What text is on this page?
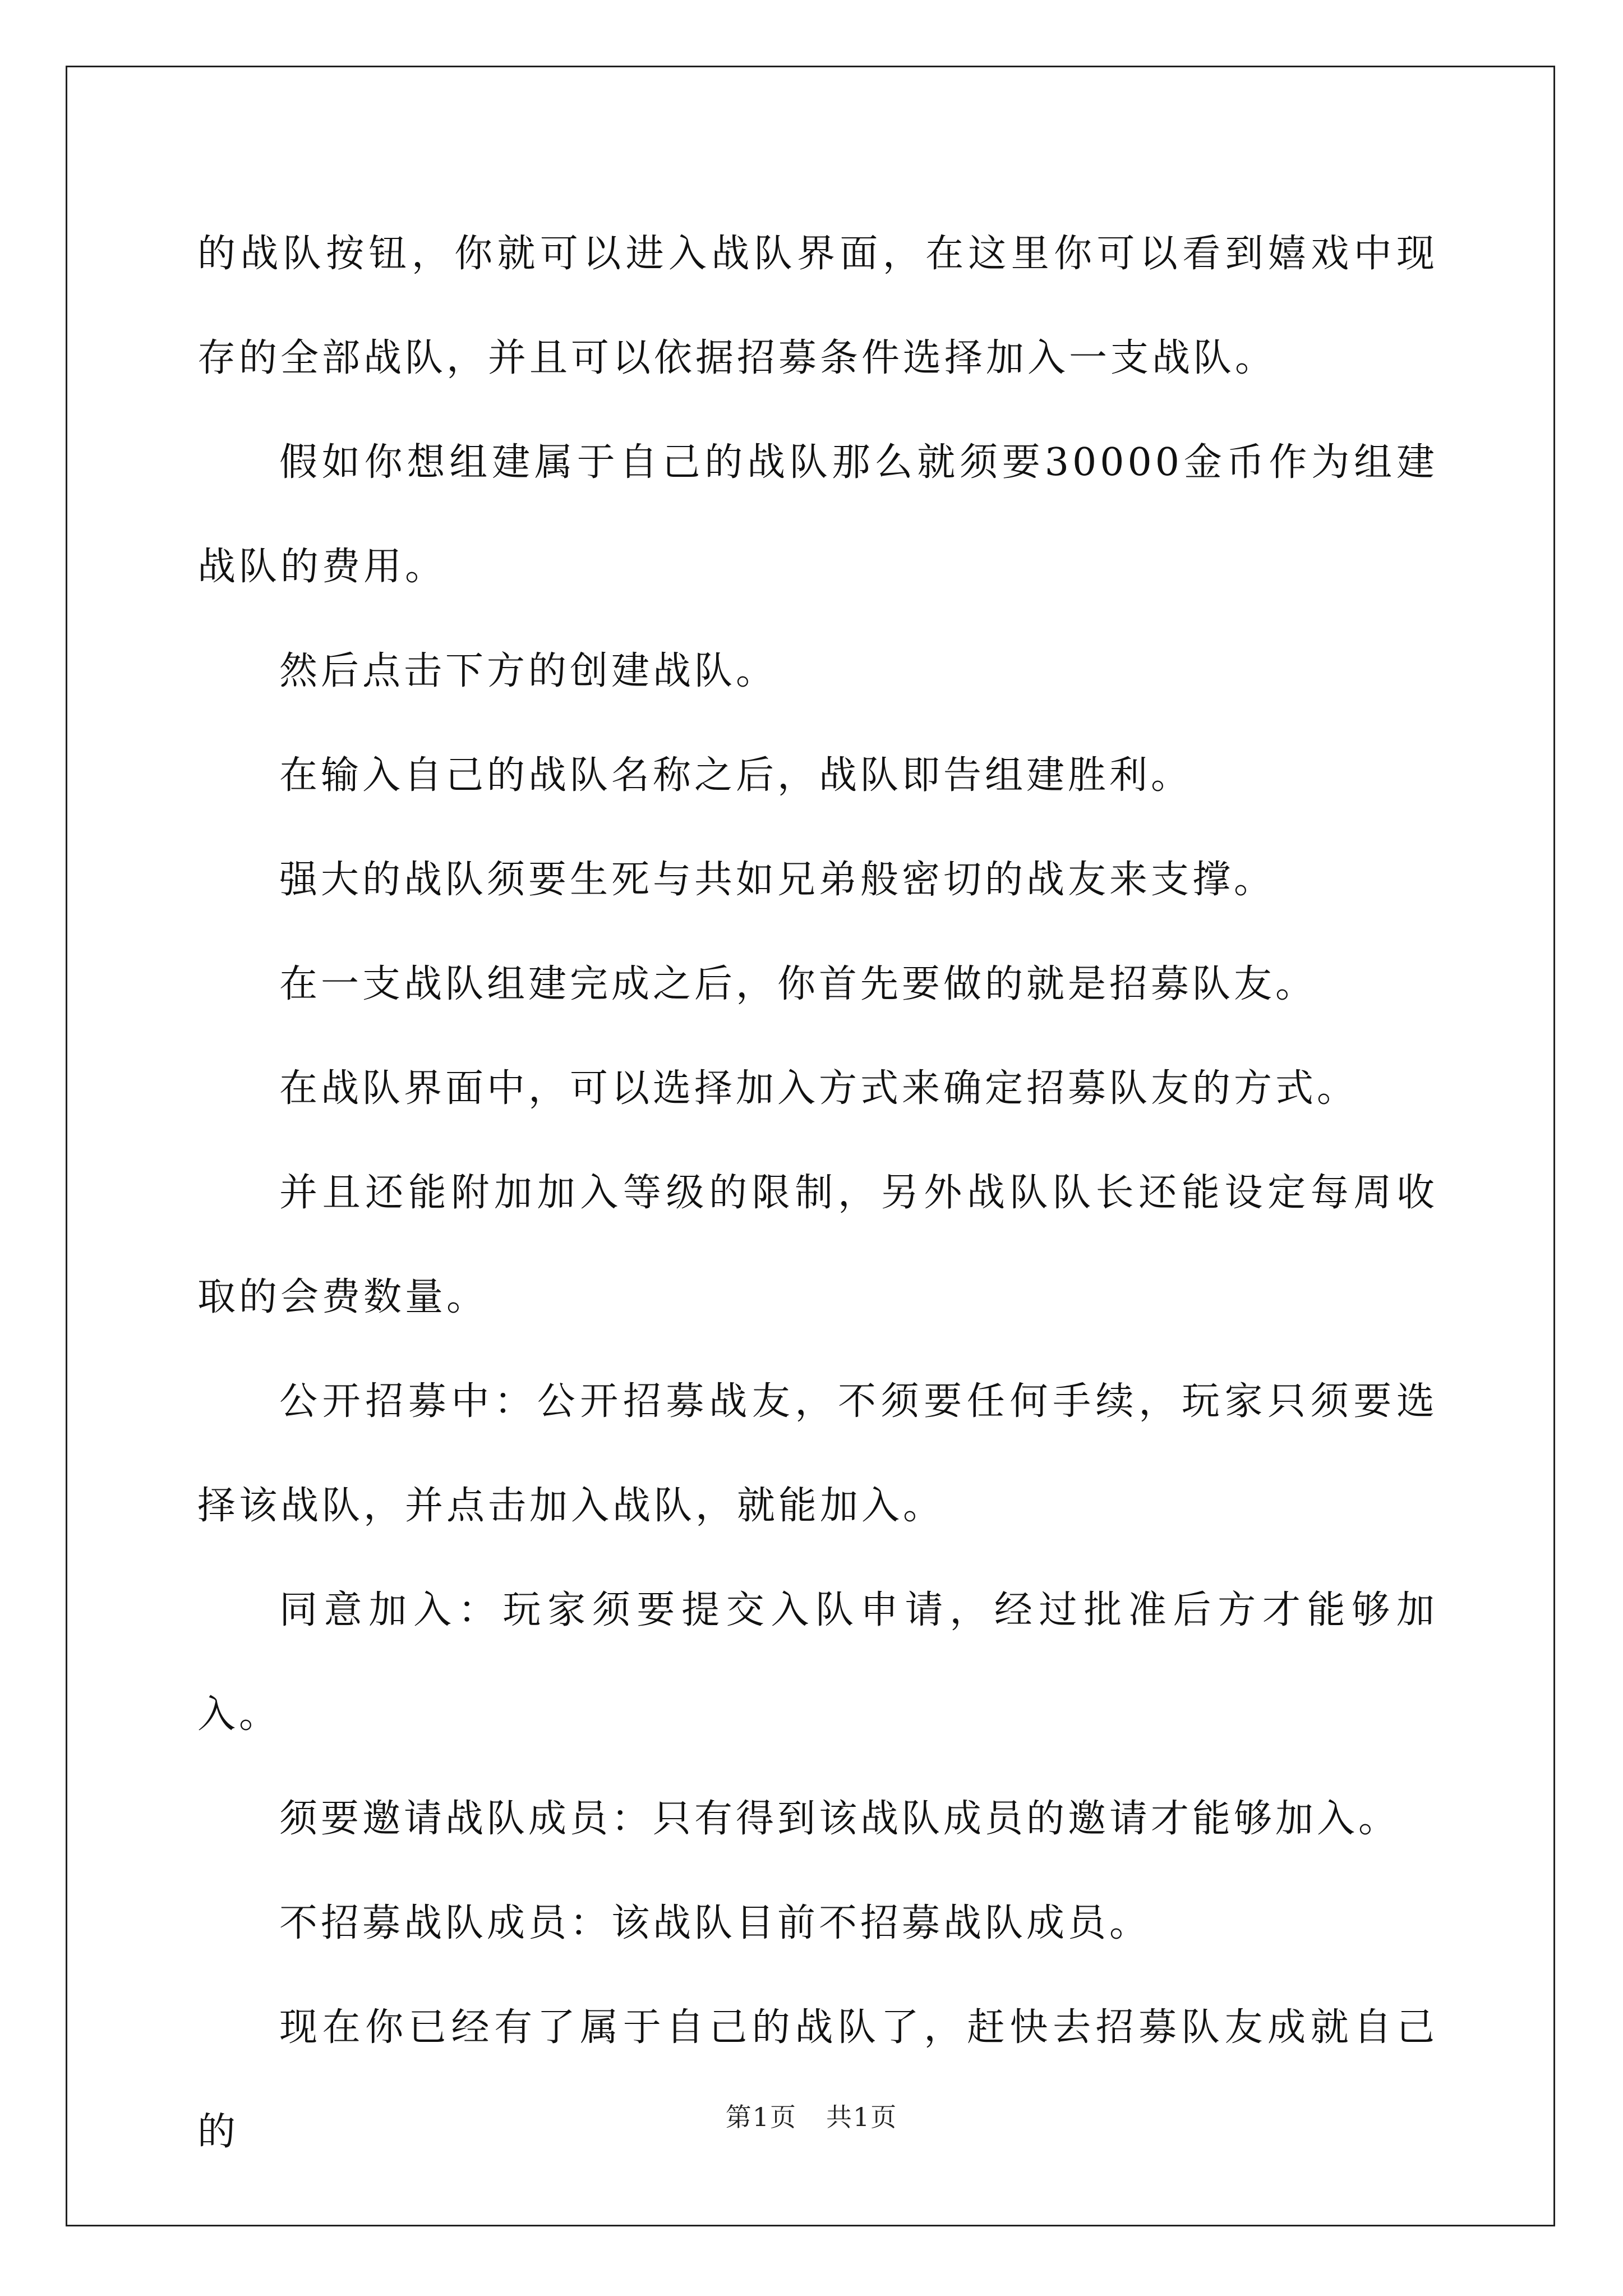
的战队按钮，你就可以进入战队界面，在这里你可以看到嬉戏中现存的全部战队，并且可以依据招募条件选择加入一支战队。

假如你想组建属于自己的战队那么就须要30000金币作为组建战队的费用。

然后点击下方的创建战队。

在输入自己的战队名称之后，战队即告组建胜利。

强大的战队须要生死与共如兄弟般密切的战友来支撑。

在一支战队组建完成之后，你首先要做的就是招募队友。

在战队界面中，可以选择加入方式来确定招募队友的方式。

并且还能附加加入等级的限制，另外战队队长还能设定每周收取的会费数量。

公开招募中：公开招募战友，不须要任何手续，玩家只须要选择该战队，并点击加入战队，就能加入。

同意加入：玩家须要提交入队申请，经过批准后方才能够加入。

须要邀请战队成员：只有得到该战队成员的邀请才能够加入。

不招募战队成员：该战队目前不招募战队成员。

现在你已经有了属于自己的战队了，赶快去招募队友成就自己的	第1页 共1页
